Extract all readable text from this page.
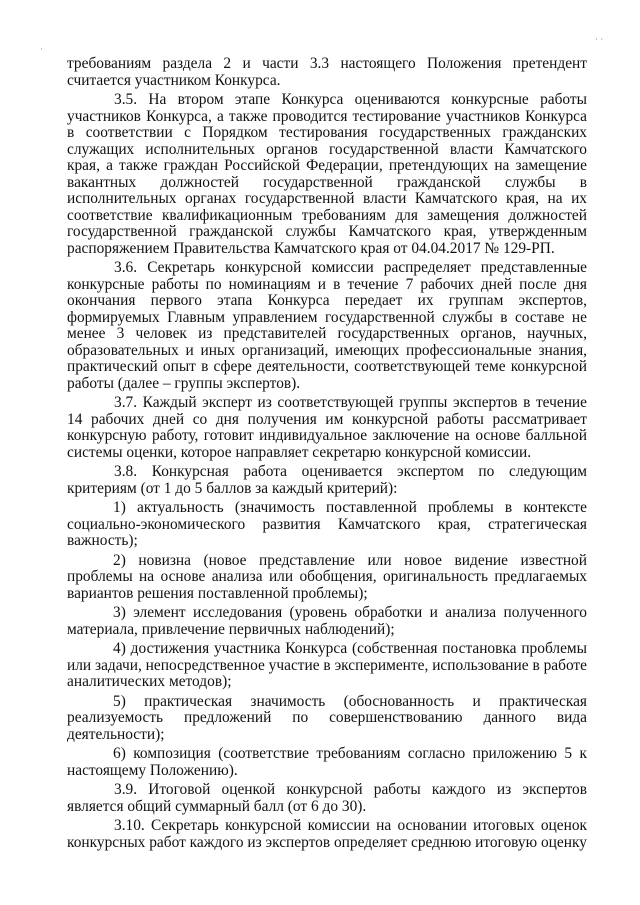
·
· ·

требованиям раздела 2 и части 3.3 настоящего Положения претендент считается участником Конкурса.

3.5. На втором этапе Конкурса оцениваются конкурсные работы участников Конкурса, а также проводится тестирование участников Конкурса в соответствии с Порядком тестирования государственных гражданских служащих исполнительных органов государственной власти Камчатского края, а также граждан Российской Федерации, претендующих на замещение вакантных должностей государственной гражданской службы в исполнительных органах государственной власти Камчатского края, на их соответствие квалификационным требованиям для замещения должностей государственной гражданской службы Камчатского края, утвержденным распоряжением Правительства Камчатского края от 04.04.2017 № 129-РП.

3.6. Секретарь конкурсной комиссии распределяет представленные конкурсные работы по номинациям и в течение 7 рабочих дней после дня окончания первого этапа Конкурса передает их группам экспертов, формируемых Главным управлением государственной службы в составе не менее 3 человек из представителей государственных органов, научных, образовательных и иных организаций, имеющих профессиональные знания, практический опыт в сфере деятельности, соответствующей теме конкурсной работы (далее – группы экспертов).

3.7. Каждый эксперт из соответствующей группы экспертов в течение 14 рабочих дней со дня получения им конкурсной работы рассматривает конкурсную работу, готовит индивидуальное заключение на основе балльной системы оценки, которое направляет секретарю конкурсной комиссии.

3.8. Конкурсная работа оценивается экспертом по следующим критериям (от 1 до 5 баллов за каждый критерий):

1) актуальность (значимость поставленной проблемы в контексте социально-экономического развития Камчатского края, стратегическая важность);

2) новизна (новое представление или новое видение известной проблемы на основе анализа или обобщения, оригинальность предлагаемых вариантов решения поставленной проблемы);

3) элемент исследования (уровень обработки и анализа полученного материала, привлечение первичных наблюдений);

4) достижения участника Конкурса (собственная постановка проблемы или задачи, непосредственное участие в эксперименте, использование в работе аналитических методов);

5) практическая значимость (обоснованность и практическая реализуемость предложений по совершенствованию данного вида деятельности);

6) композиция (соответствие требованиям согласно приложению 5 к настоящему Положению).

3.9. Итоговой оценкой конкурсной работы каждого из экспертов является общий суммарный балл (от 6 до 30).

3.10. Секретарь конкурсной комиссии на основании итоговых оценок конкурсных работ каждого из экспертов определяет среднюю итоговую оценку
